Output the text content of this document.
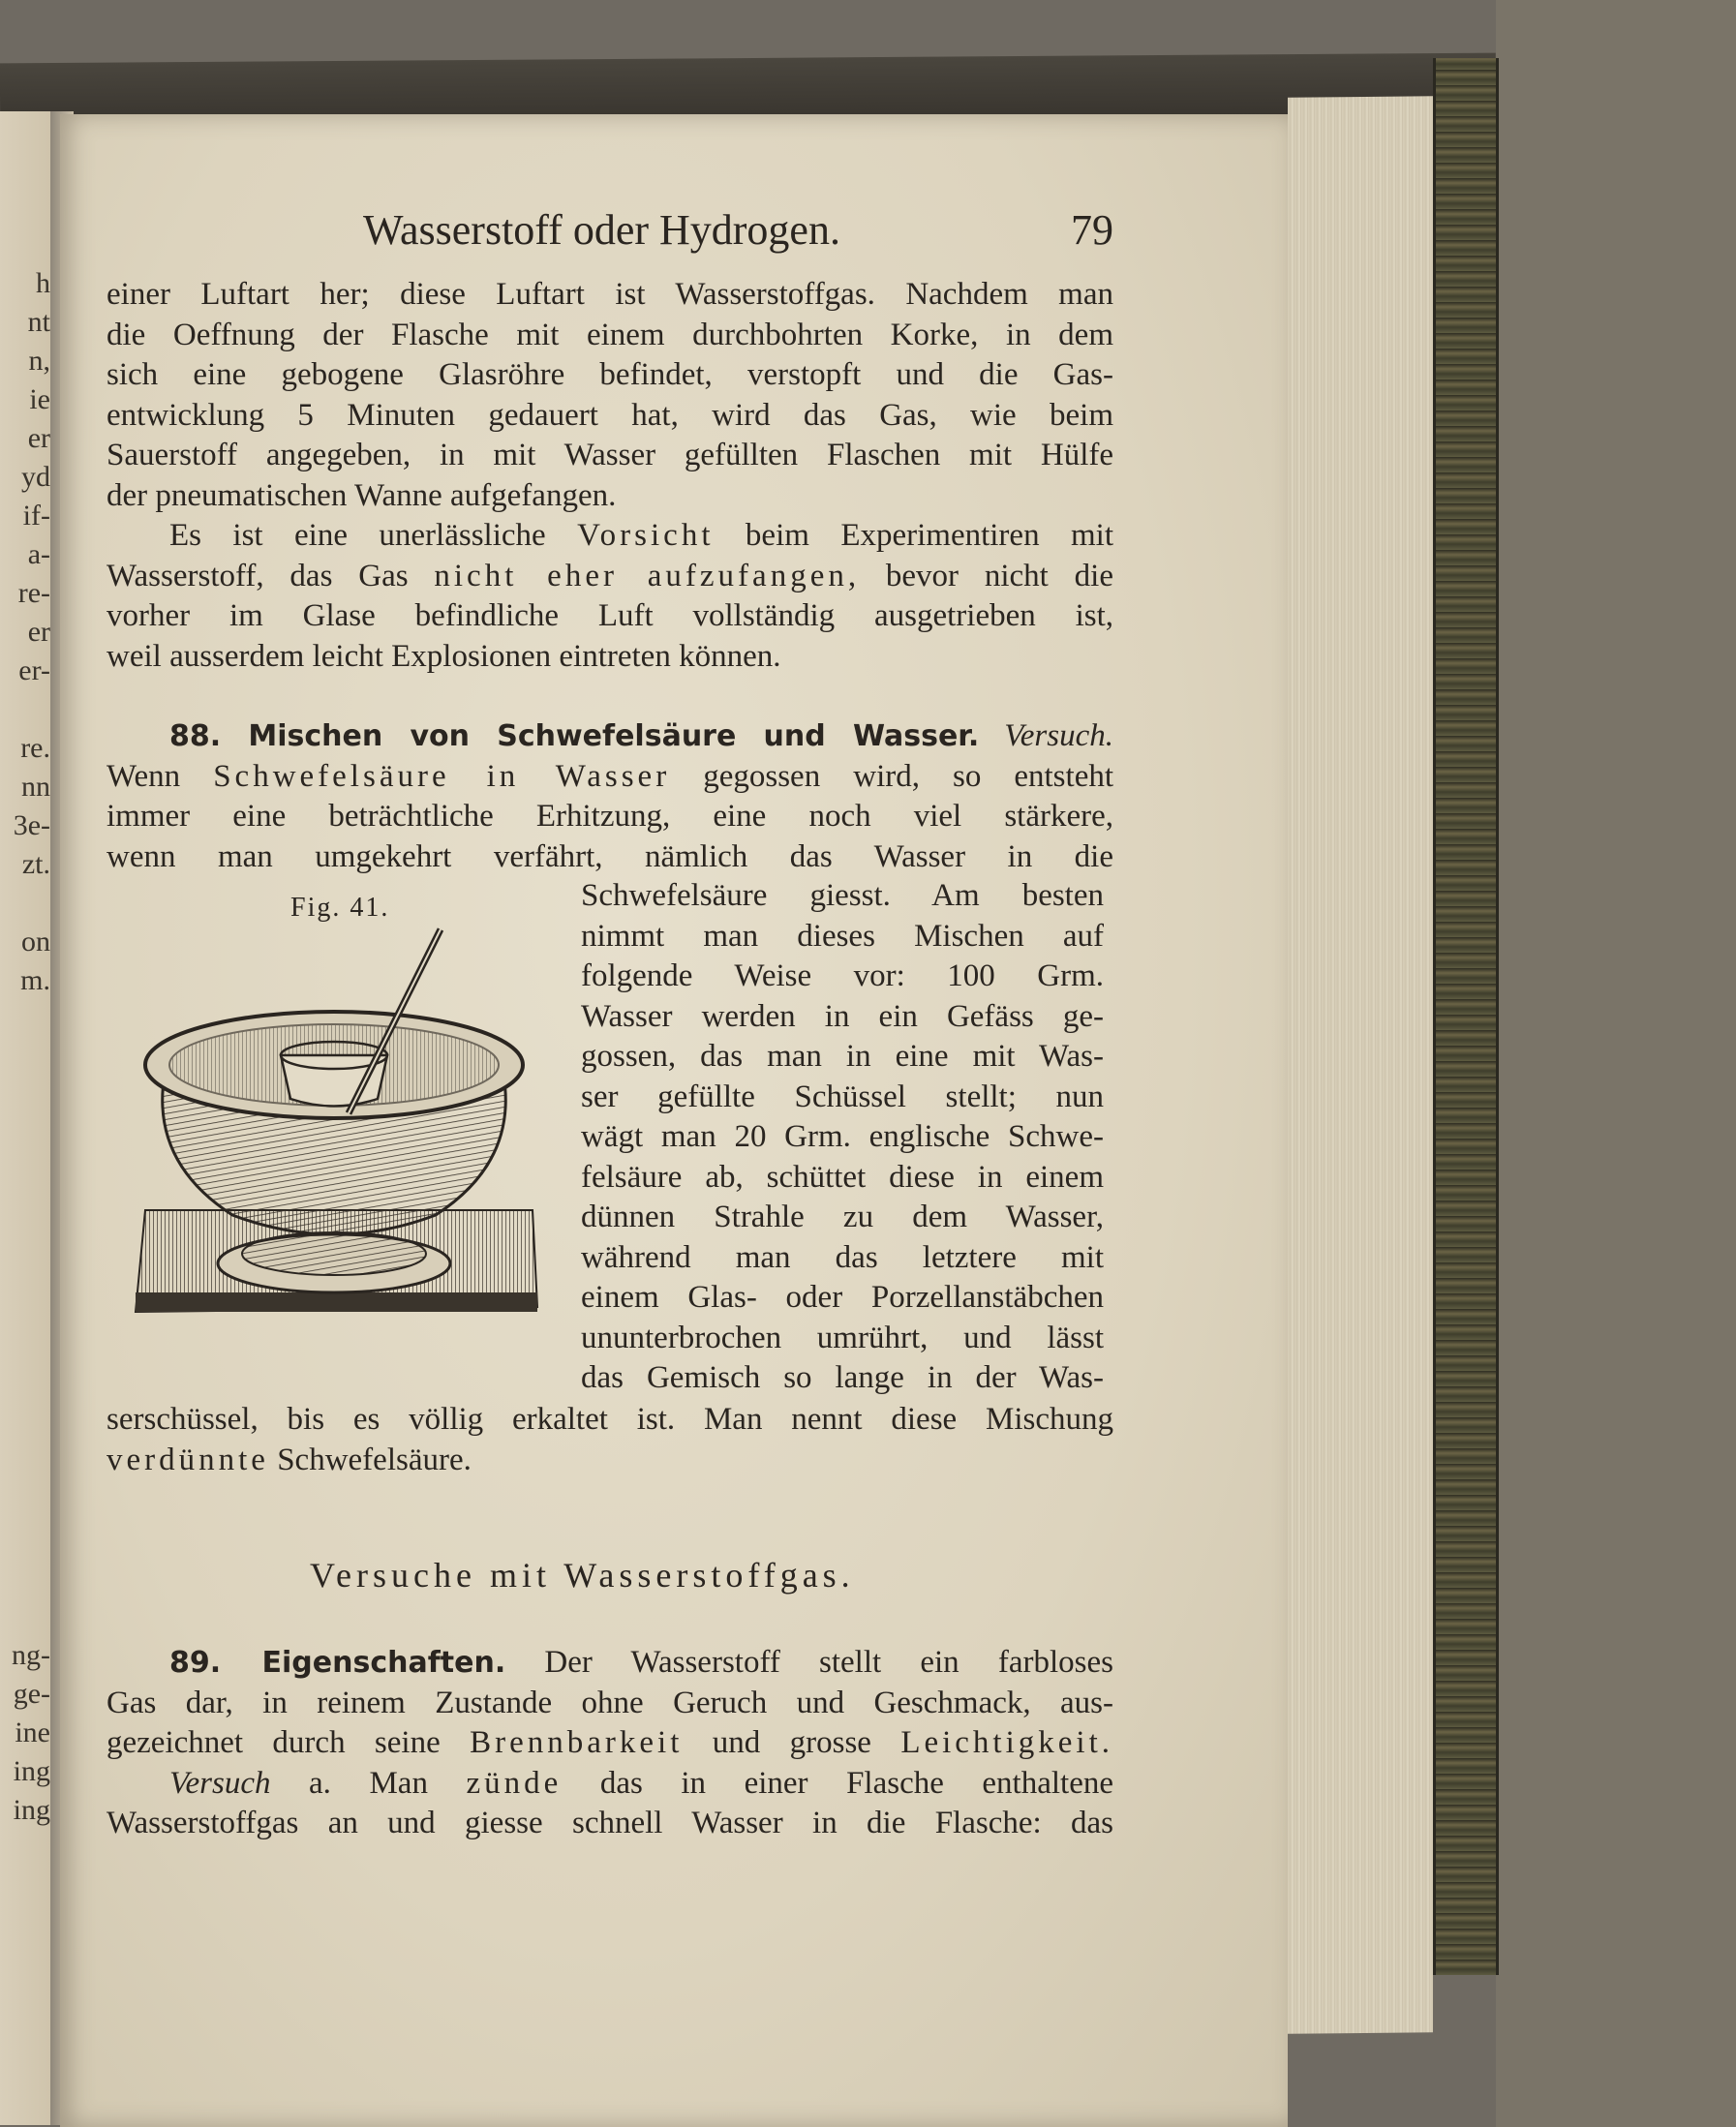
h
nt
n,
ie
er
yd
if-
a-
re-
er
er-
re.
nn
3e-
zt.
on
m.
ng-
ge-
ine
ing
ing
Wasserstoff oder Hydrogen.	79
einer Luftart her; diese Luftart ist Wasserstoffgas. Nachdem man
die Oeffnung der Flasche mit einem durchbohrten Korke, in dem
sich eine gebogene Glasröhre befindet, verstopft und die Gas-
entwicklung 5 Minuten gedauert hat, wird das Gas, wie beim
Sauerstoff angegeben, in mit Wasser gefüllten Flaschen mit Hülfe
der pneumatischen Wanne aufgefangen.
Es ist eine unerlässliche Vorsicht beim Experimentiren mit
Wasserstoff, das Gas nicht eher aufzufangen, bevor nicht die
vorher im Glase befindliche Luft vollständig ausgetrieben ist,
weil ausserdem leicht Explosionen eintreten können.
88. Mischen von Schwefelsäure und Wasser. Versuch.
Wenn Schwefelsäure in Wasser gegossen wird, so entsteht
immer eine beträchtliche Erhitzung, eine noch viel stärkere,
wenn man umgekehrt verfährt, nämlich das Wasser in die
Fig. 41.	Schwefelsäure giesst. Am besten
nimmt man dieses Mischen auf
folgende Weise vor: 100 Grm.
Wasser werden in ein Gefäss ge-
gossen, das man in eine mit Was-
ser gefüllte Schüssel stellt; nun
wägt man 20 Grm. englische Schwe-
felsäure ab, schüttet diese in einem
dünnen Strahle zu dem Wasser,
während man das letztere mit
einem Glas- oder Porzellanstäbchen
ununterbrochen umrührt, und lässt
das Gemisch so lange in der Was-
serschüssel, bis es völlig erkaltet ist. Man nennt diese Mischung
verdünnte Schwefelsäure.
Versuche mit Wasserstoffgas.
89. Eigenschaften. Der Wasserstoff stellt ein farbloses
Gas dar, in reinem Zustande ohne Geruch und Geschmack, aus-
gezeichnet durch seine Brennbarkeit und grosse Leichtigkeit.
Versuch a. Man zünde das in einer Flasche enthaltene
Wasserstoffgas an und giesse schnell Wasser in die Flasche: das
